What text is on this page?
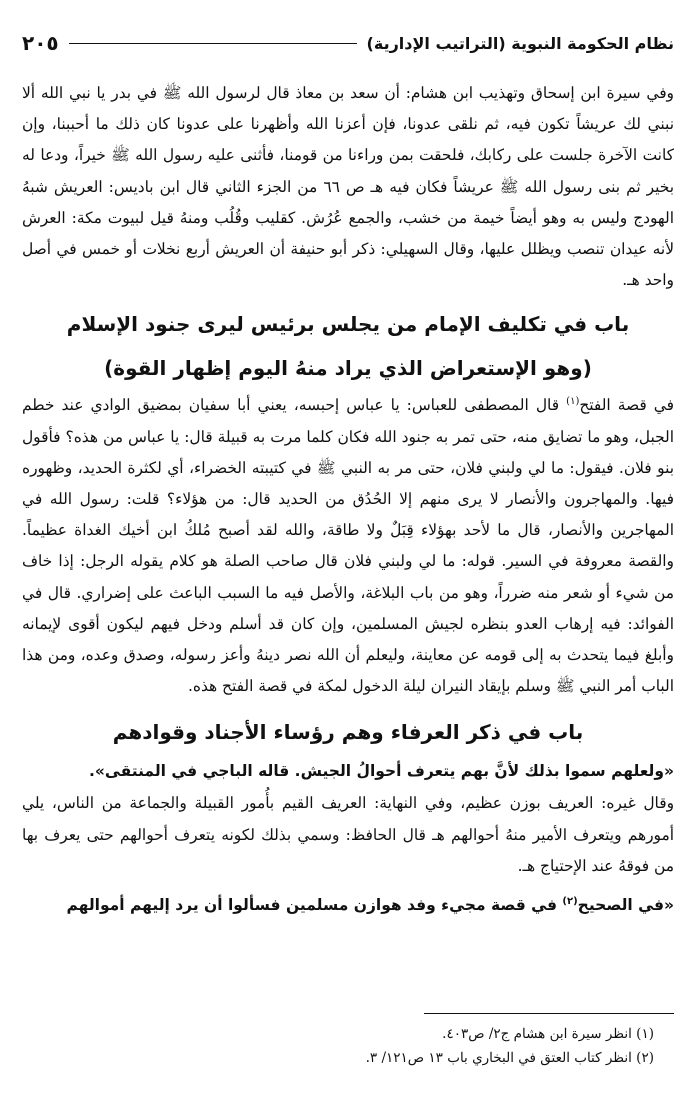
نظام الحكومة النبوية (التراتيب الإدارية)
٢٠٥

وفي سيرة ابن إسحاق وتهذيب ابن هشام: أن سعد بن معاذ قال لرسول الله ﷺ في بدر يا نبي الله ألا نبني لك عريشاً تكون فيه، ثم نلقى عدونا، فإن أعزنا الله وأظهرنا على عدونا كان ذلك ما أحببنا، وإن كانت الآخرة جلست على ركابك، فلحقت بمن وراءنا من قومنا، فأثنى عليه رسول الله ﷺ خيراً، ودعا له بخير ثم بنى رسول الله ﷺ عريشاً فكان فيه هـ ص ٦٦ من الجزء الثاني قال ابن باديس: العريش شبهُ الهودج وليس به وهو أيضاً خيمة من خشب، والجمع عُرُش. كقليب وقُلُب ومنهُ قيل لبيوت مكة: العرش لأنه عيدان تنصب ويظلل عليها، وقال السهيلي: ذكر أبو حنيفة أن العريش أربع نخلات أو خمس في أصل واحد هـ.

باب في تكليف الإمام من يجلس برئيس ليرى جنود الإسلام
(وهو الإستعراض الذي يراد منهُ اليوم إظهار القوة)

في قصة الفتح$^{(١)}$ قال المصطفى للعباس: يا عباس إحبسه، يعني أبا سفيان بمضيق الوادي عند خطم الجبل، وهو ما تضايق منه، حتى تمر به جنود الله فكان كلما مرت به قبيلة قال: يا عباس من هذه؟ فأقول بنو فلان. فيقول: ما لي ولبني فلان، حتى مر به النبي ﷺ في كتيبته الخضراء، أي لكثرة الحديد، وظهوره فيها. والمهاجرون والأنصار لا يرى منهم إلا الحُدُق من الحديد قال: من هؤلاء؟ قلت: رسول الله في المهاجرين والأنصار، قال ما لأحد بهؤلاء قِبَلٌ ولا طاقة، والله لقد أصبح مُلكُ ابن أخيك الغداة عظيماً. والقصة معروفة في السير. قوله: ما لي ولبني فلان قال صاحب الصلة هو كلام يقوله الرجل: إذا خاف من شيء أو شعر منه ضرراً، وهو من باب البلاغة، والأصل فيه ما السبب الباعث على إضراري. قال في الفوائد: فيه إرهاب العدو بنظره لجيش المسلمين، وإن كان قد أسلم ودخل فيهم ليكون أقوى لإيمانه وأبلغ فيما يتحدث به إلى قومه عن معاينة، وليعلم أن الله نصر دينهُ وأعز رسوله، وصدق وعده، ومن هذا الباب أمر النبي ﷺ وسلم بإيقاد النيران ليلة الدخول لمكة في قصة الفتح هذه.

باب في ذكر العرفاء وهم رؤساء الأجناد وقوادهم

«ولعلهم سموا بذلك لأنَّ بهم يتعرف أحوالُ الجيش. قاله الباجي في المنتقى».

وقال غيره: العريف بوزن عظيم، وفي النهاية: العريف القيم بأُمور القبيلة والجماعة من الناس، يلي أمورهم ويتعرف الأمير منهُ أحوالهم هـ قال الحافظ: وسمي بذلك لكونه يتعرف أحوالهم حتى يعرف بها من فوقهُ عند الإحتياج هـ.

«في الصحيح$^{(٢)}$ في قصة مجيء وفد هوازن مسلمين فسألوا أن يرد إليهم أموالهم

(١) انظر سيرة ابن هشام ج٢/ ص٤٠٣.

(٢) انظر كتاب العتق في البخاري باب ١٣ ص١٢١/ ٣.
